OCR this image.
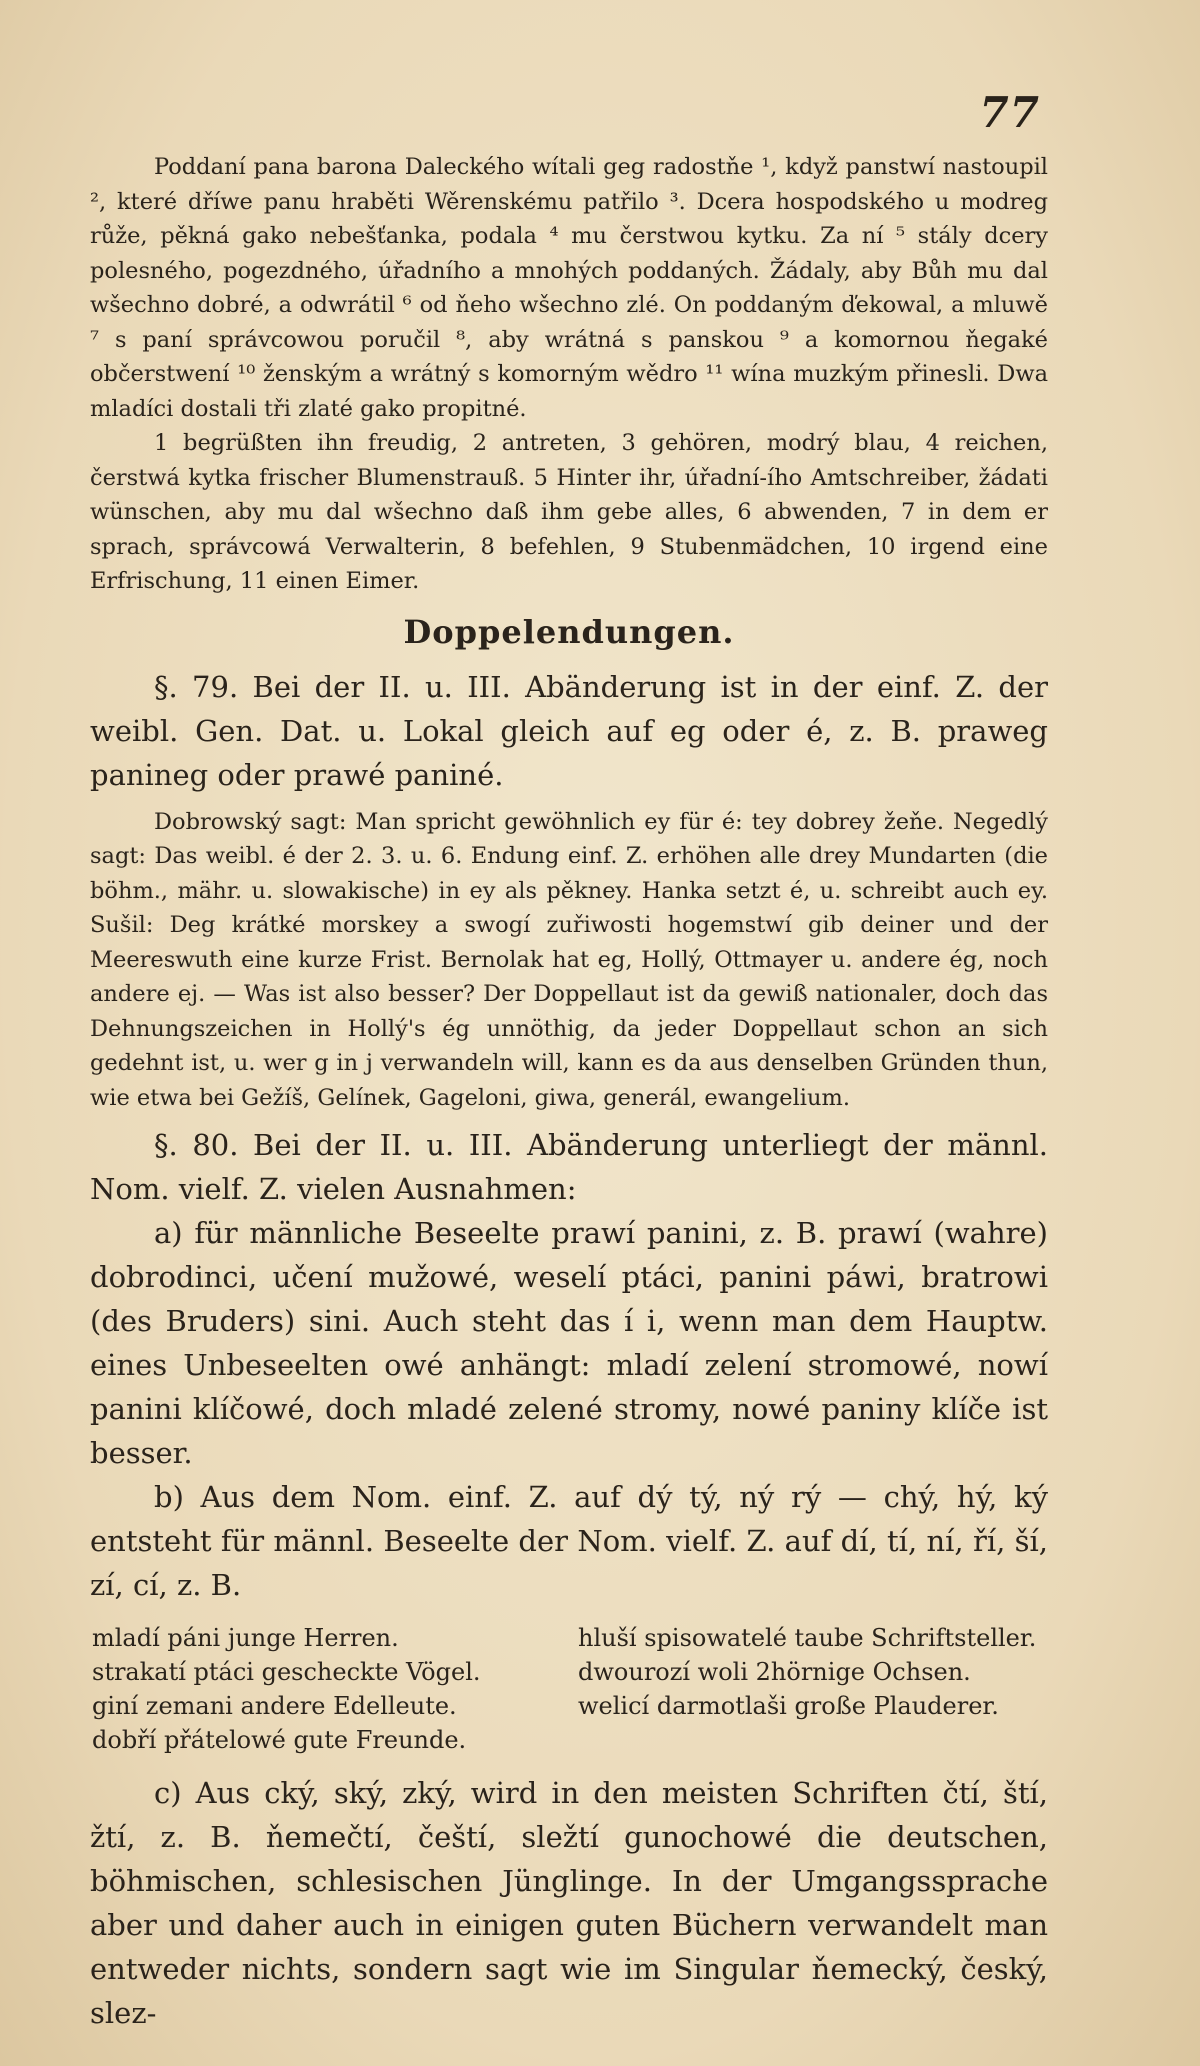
77

Poddaní pana barona Daleckého wítali geg radostňe ¹, když panstwí nastoupil ², které dříwe panu hraběti Wěrenskému patřilo ³. Dcera hospodského u modreg růže, pěkná gako nebešťanka, podala ⁴ mu čerstwou kytku. Za ní ⁵ stály dcery polesného, pogezdného, úřadního a mnohých poddaných. Žádaly, aby Bůh mu dal wšechno dobré, a odwrátil ⁶ od ňeho wšechno zlé. On poddaným ďekowal, a mluwě ⁷ s paní správcowou poručil ⁸, aby wrátná s panskou ⁹ a komornou ňegaké občerstwení ¹⁰ ženským a wrátný s komorným wědro ¹¹ wína muzkým přinesli. Dwa mladíci dostali tři zlaté gako propitné.

1 begrüßten ihn freudig, 2 antreten, 3 gehören, modrý blau, 4 reichen, čerstwá kytka frischer Blumenstrauß. 5 Hinter ihr, úřadní-ího Amtschreiber, žádati wünschen, aby mu dal wšechno daß ihm gebe alles, 6 abwenden, 7 in dem er sprach, správcowá Verwalterin, 8 befehlen, 9 Stubenmädchen, 10 irgend eine Erfrischung, 11 einen Eimer.

Doppelendungen.

§. 79. Bei der II. u. III. Abänderung ist in der einf. Z. der weibl. Gen. Dat. u. Lokal gleich auf eg oder é, z. B. praweg panineg oder prawé paniné.

Dobrowský sagt: Man spricht gewöhnlich ey für é: tey dobrey žeňe. Negedlý sagt: Das weibl. é der 2. 3. u. 6. Endung einf. Z. erhöhen alle drey Mundarten (die böhm., mähr. u. slowakische) in ey als pěkney. Hanka setzt é, u. schreibt auch ey. Sušil: Deg krátké morskey a swogí zuřiwosti hogemstwí gib deiner und der Meereswuth eine kurze Frist. Bernolak hat eg, Hollý, Ottmayer u. andere ég, noch andere ej. — Was ist also besser? Der Doppellaut ist da gewiß nationaler, doch das Dehnungszeichen in Hollý's ég unnöthig, da jeder Doppellaut schon an sich gedehnt ist, u. wer g in j verwandeln will, kann es da aus denselben Gründen thun, wie etwa bei Gežíš, Gelínek, Gageloni, giwa, generál, ewangelium.

§. 80. Bei der II. u. III. Abänderung unterliegt der männl. Nom. vielf. Z. vielen Ausnahmen:

a) für männliche Beseelte prawí panini, z. B. prawí (wahre) dobrodinci, učení mužowé, weselí ptáci, panini páwi, bratrowi (des Bruders) sini. Auch steht das í i, wenn man dem Hauptw. eines Unbeseelten owé anhängt: mladí zelení stromowé, nowí panini klíčowé, doch mladé zelené stromy, nowé paniny klíče ist besser.

b) Aus dem Nom. einf. Z. auf dý tý, ný rý — chý, hý, ký entsteht für männl. Beseelte der Nom. vielf. Z. auf dí, tí, ní, ří, ší, zí, cí, z. B.

mladí páni junge Herren.
strakatí ptáci gescheckte Vögel.
giní zemani andere Edelleute.
dobří přátelowé gute Freunde.
hluší spisowatelé taube Schriftsteller.
dwourozí woli 2hörnige Ochsen.
welicí darmotlaši große Plauderer.

c) Aus cký, ský, zký, wird in den meisten Schriften čtí, ští, žtí, z. B. ňemečtí, čeští, sležtí gunochowé die deutschen, böhmischen, schlesischen Jünglinge. In der Umgangssprache aber und daher auch in einigen guten Büchern verwandelt man entweder nichts, sondern sagt wie im Singular ňemecký, český, slez-
